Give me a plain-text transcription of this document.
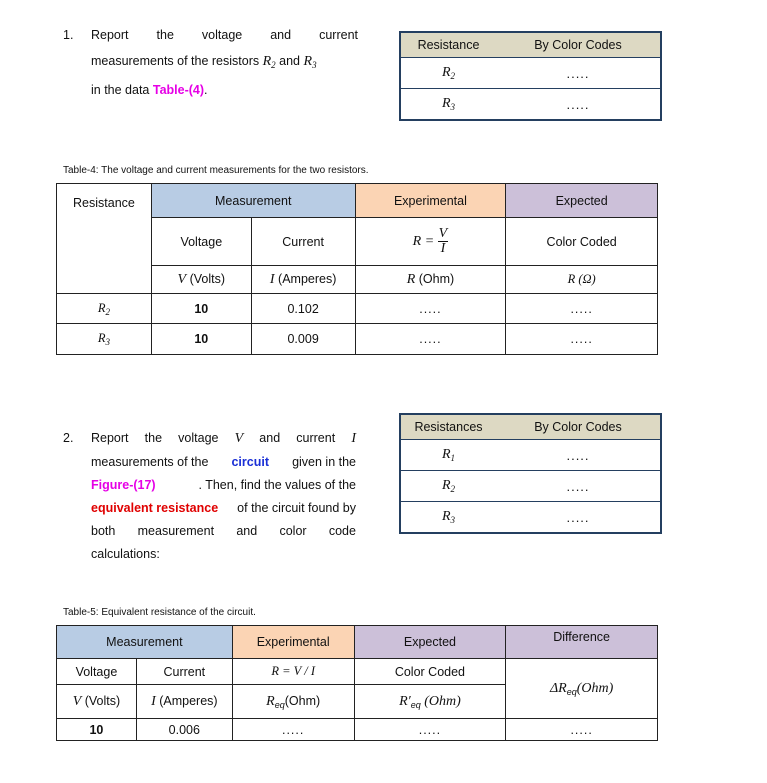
1. Report the voltage and current

measurements of the resistors $R_2$ and $R_3$

in the data Table-(4).

Resistance	By Color Codes
$R_2$	.....
$R_3$	.....
Table-4: The voltage and current measurements for the two resistors.
Resistance	Measurement		Experimental	Expected
	Voltage	Current	$R = \frac{V}{I}$	Color Coded
	V (Volts)	I (Amperes)	R (Ohm)	R (Ω)
$R_2$	10	0.102	.....	.....
$R_3$	10	0.009	.....	.....

2. Report the voltage V and current I
measurements of the circuit given in the
Figure-(17)	. Then, find the values of the
equivalent resistance of the circuit found by
both measurement and color code

calculations:

Resistances	By Color Codes
$R_1$	.....
$R_2$	.....
$R_3$	.....
Table-5: Equivalent resistance of the circuit.
Measurement		Experimental	Expected	Difference
Voltage	Current	R = V / I	Color Coded	$\Delta R_{eq}(Ohm)$
V (Volts)	I (Amperes)	$R_{eq}(Ohm)$	$R'_{eq}$ (Ohm)	
10	0.006	.....	.....	.....
